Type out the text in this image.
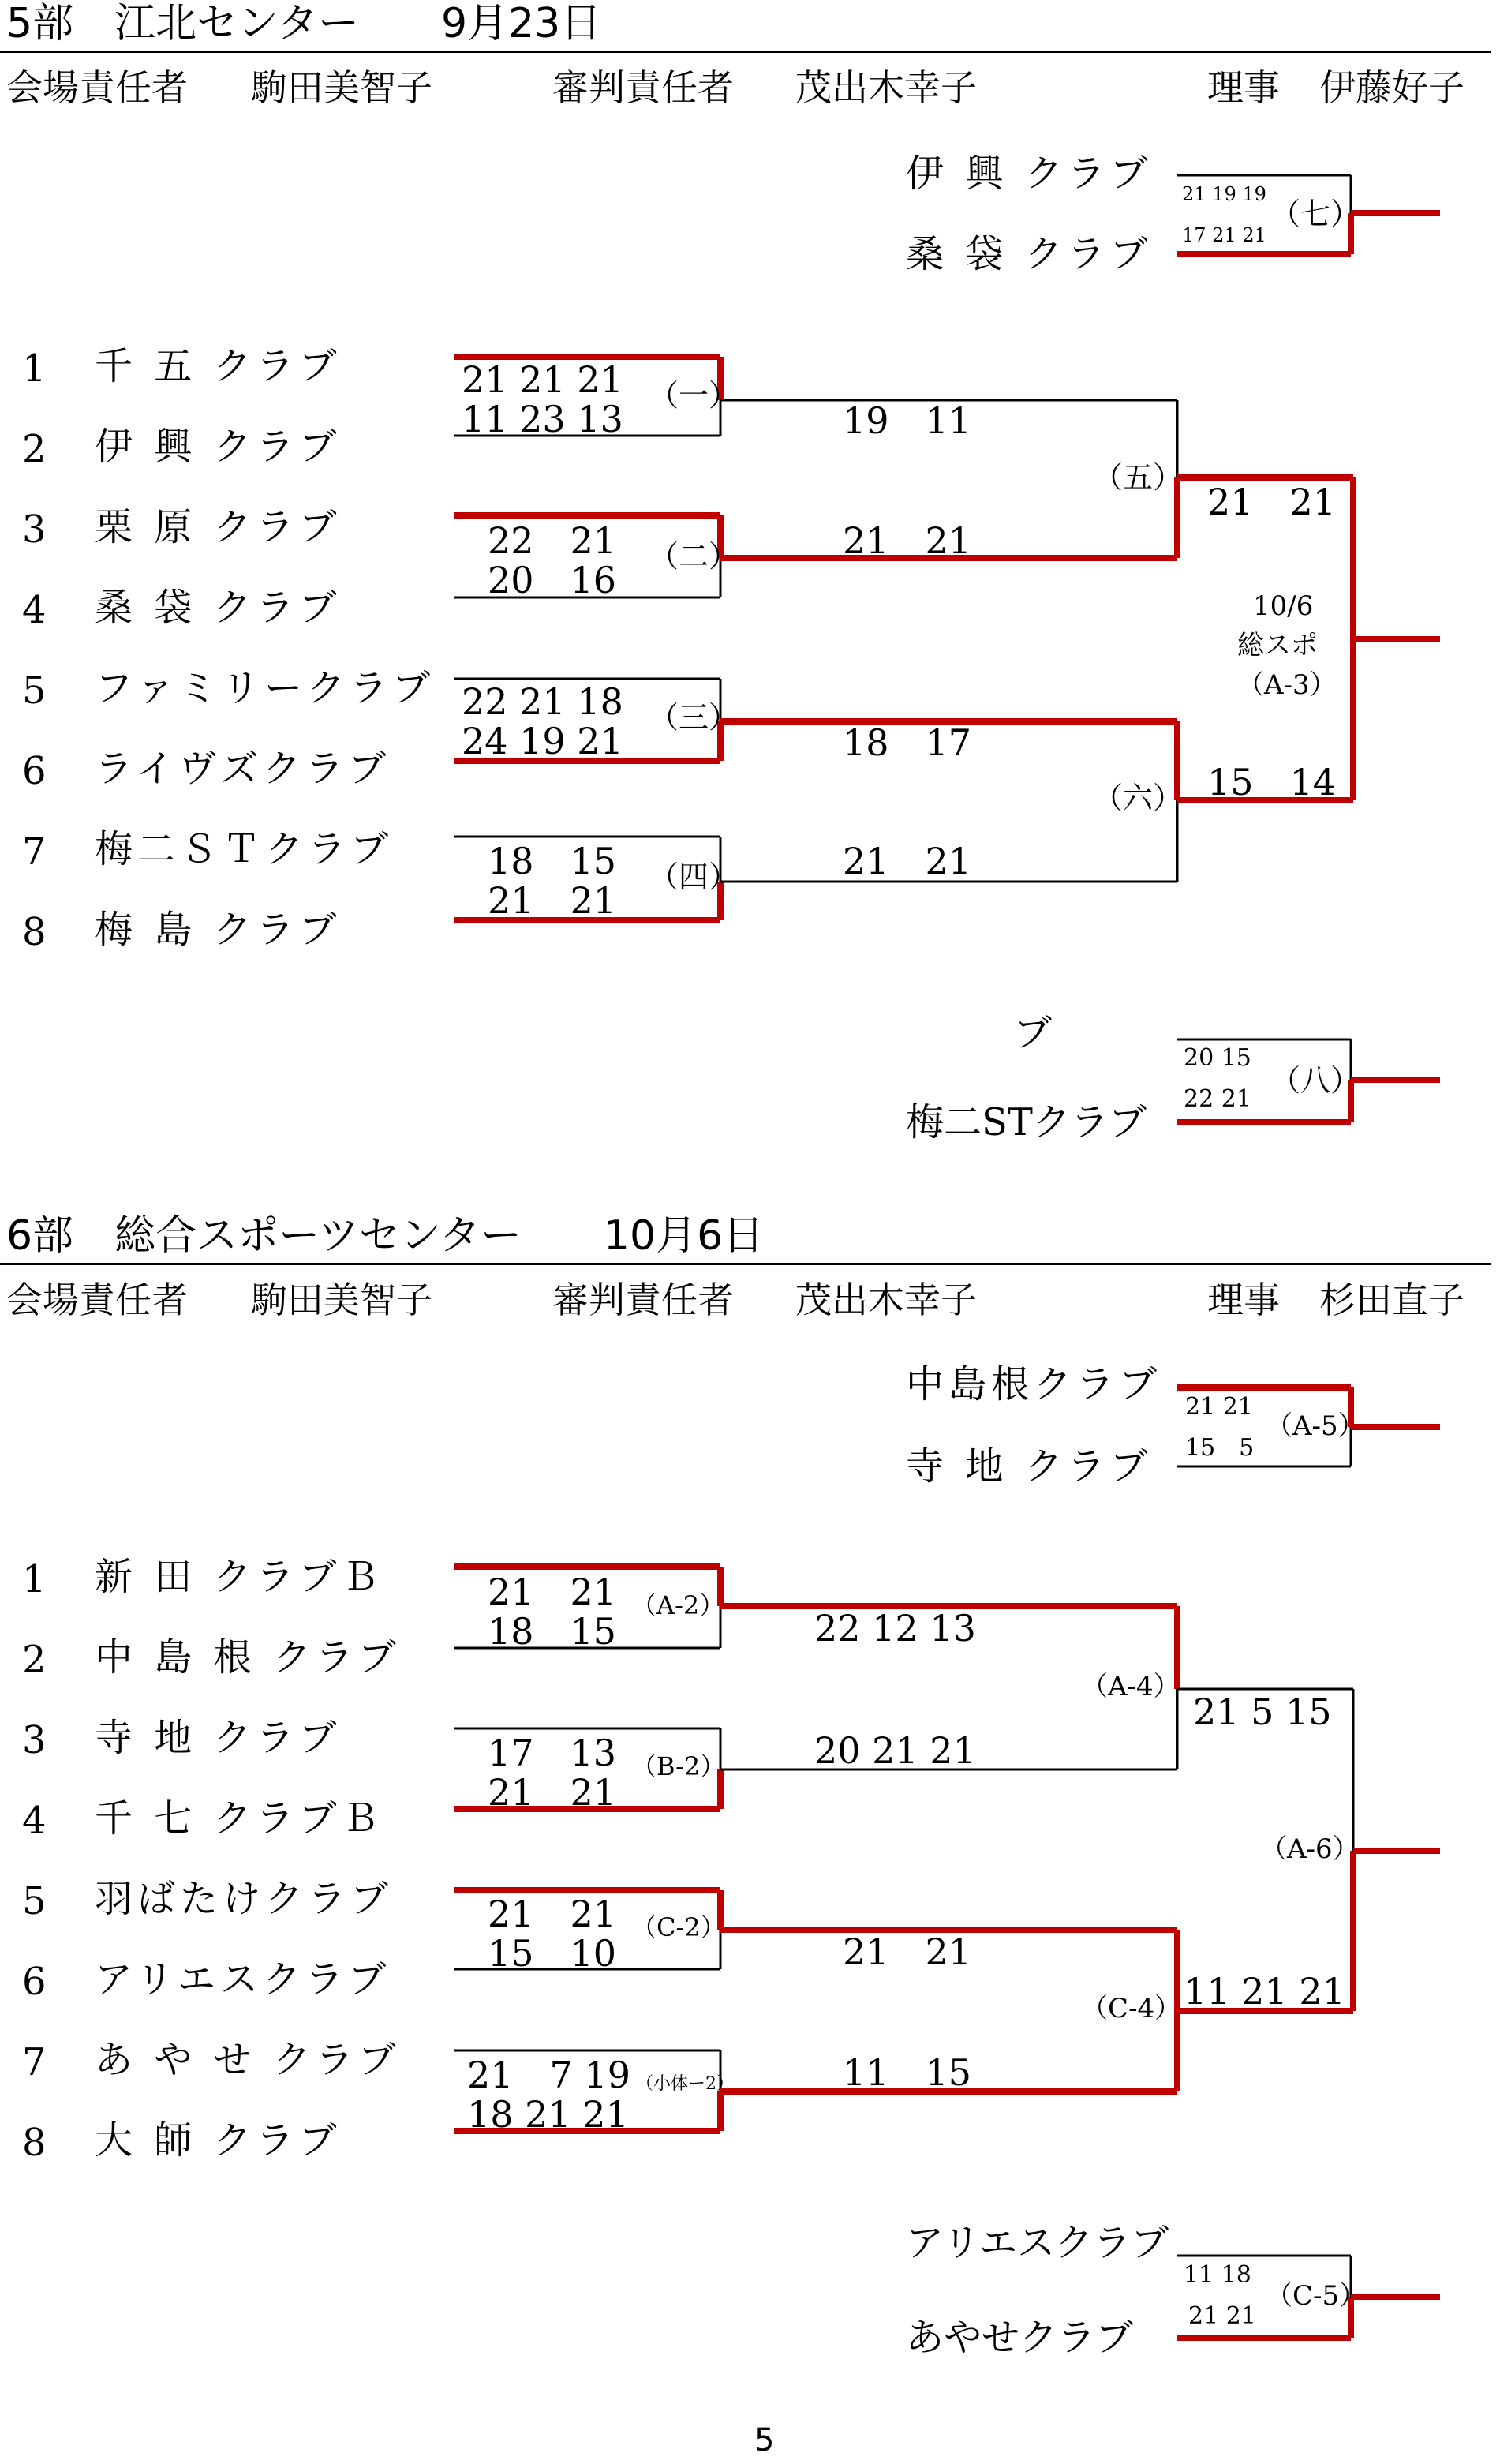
5部　江北センター　　9月23日
会場責任者 駒田美智子	審判責任者 茂出木幸子	理事 伊藤好子
1 千 五 クラブ
2 伊 興 クラブ
3 栗 原 クラブ
4 桑 袋 クラブ
5 ファミリークラブ
6 ライヴズクラブ
7 梅二ＳＴクラブ
8 梅 島 クラブ
21 21 21
11 23 13
（一）
22　21
20　16
（二）
22 21 18
24 19 21
（三）
18　15
21　21
（四）
19　11
21　21
18　17
21　21
（五）
（六）
21　21
15　14
10/6
総スポ
（A-3）
伊 興 クラブ
桑 袋 クラブ
21 19 19
17 21 21
（七）
ブ
梅二STクラブ
20 15
22 21
（八）
6部　総合スポーツセンター　　10月6日
会場責任者 駒田美智子	審判責任者 茂出木幸子	理事 杉田直子
1 新 田 クラブＢ
2 中 島 根 クラブ
3 寺 地 クラブ
4 千 七 クラブＢ
5 羽ばたけクラブ
6 アリエスクラブ
7 あ や せ クラブ
8 大 師 クラブ
21　21
18　15
（A-2）
17　13
21　21
（B-2）
21　21
15　10
（C-2）
21　7 19
18 21 21
（小体ー2）
22 12 13
20 21 21
21　21
11　15
（A-4）
（C-4）
21 5 15
11 21 21
（A-6）
中島根クラブ
寺 地 クラブ
21 21
15　5
（A-5）
アリエスクラブ
あやせクラブ
11 18
21 21
（C-5）
5
